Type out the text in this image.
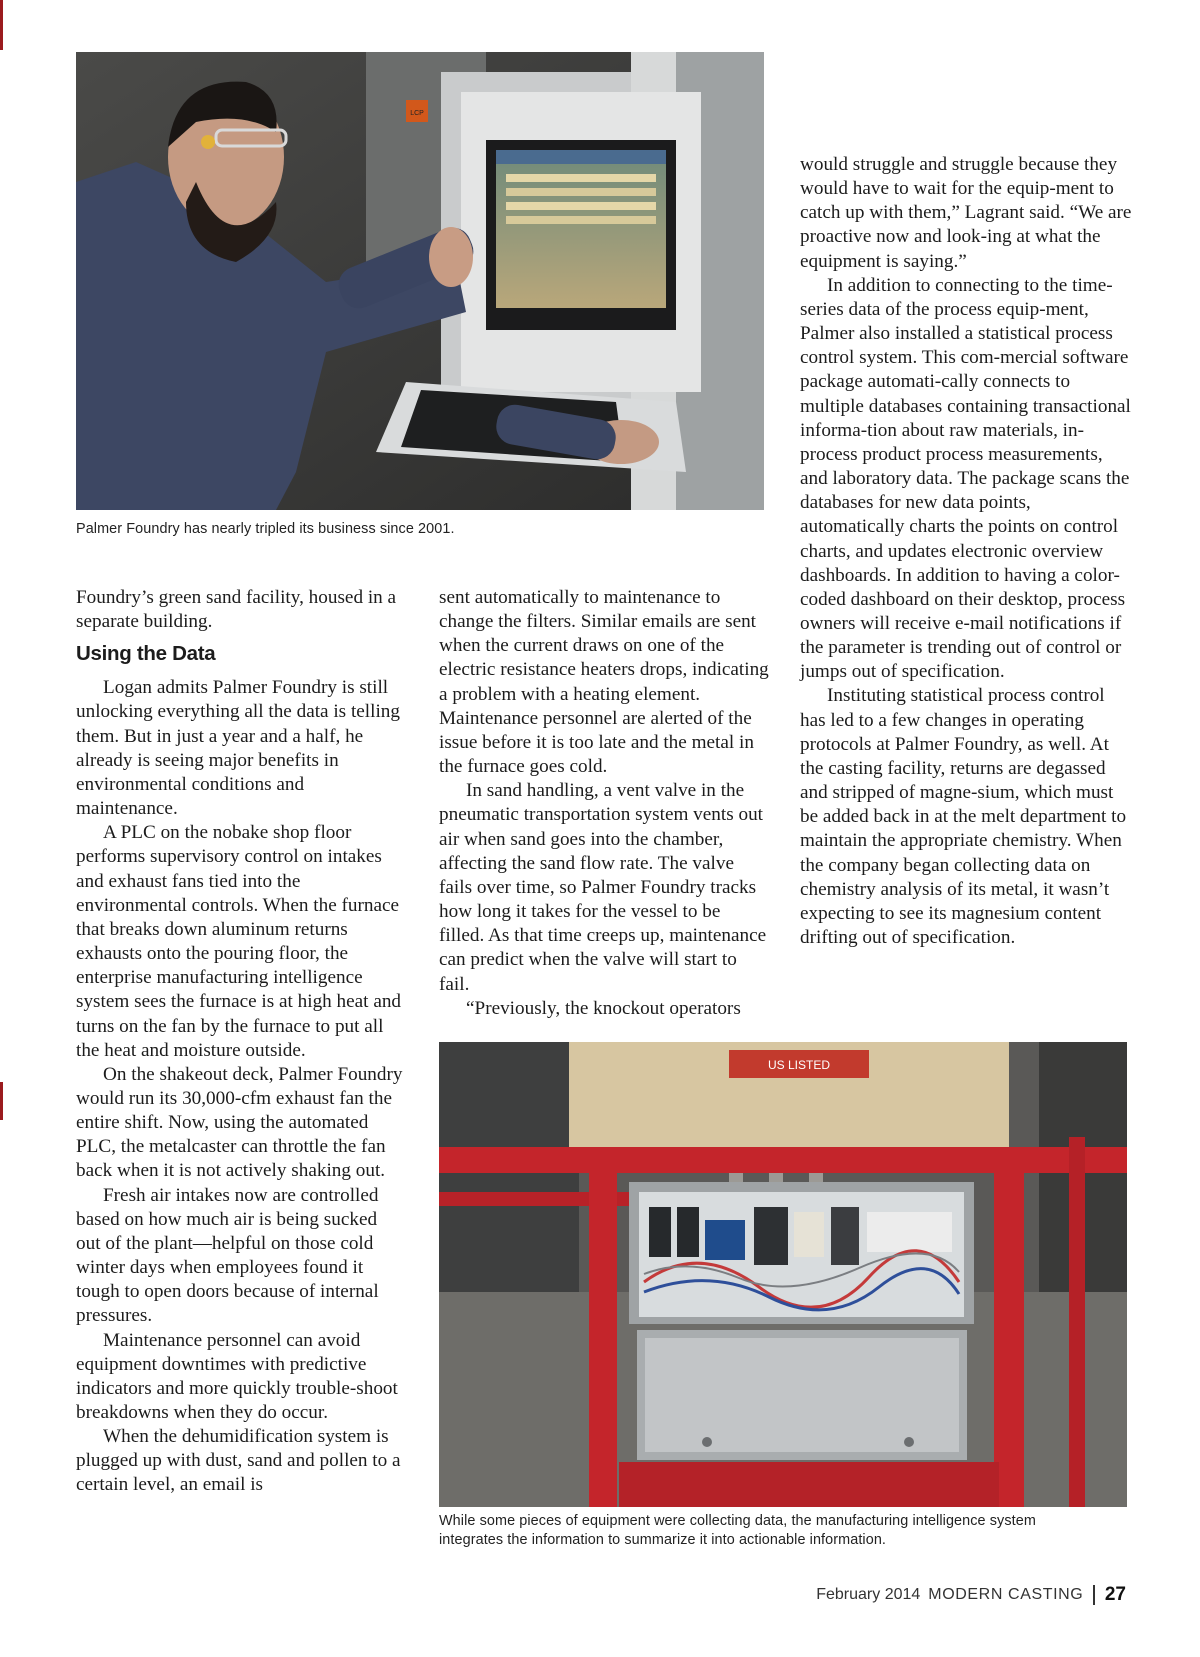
LCP
Palmer Foundry has nearly tripled its business since 2001.

Foundry’s green sand facility, housed in a separate building.

Using the Data

Logan admits Palmer Foundry is still unlocking everything all the data is telling them. But in just a year and a half, he already is seeing major benefits in environmental conditions and maintenance.

A PLC on the nobake shop floor performs supervisory control on intakes and exhaust fans tied into the environmental controls. When the furnace that breaks down aluminum returns exhausts onto the pouring floor, the enterprise manufacturing intelligence system sees the furnace is at high heat and turns on the fan by the furnace to put all the heat and moisture outside.

On the shakeout deck, Palmer Foundry would run its 30,000-cfm exhaust fan the entire shift. Now, using the automated PLC, the metalcaster can throttle the fan back when it is not actively shaking out.

Fresh air intakes now are controlled based on how much air is being sucked out of the plant—helpful on those cold winter days when employees found it tough to open doors because of internal pressures.

Maintenance personnel can avoid equipment downtimes with predictive indicators and more quickly trouble-shoot breakdowns when they do occur.

When the dehumidification system is plugged up with dust, sand and pollen to a certain level, an email is

sent automatically to maintenance to change the filters. Similar emails are sent when the current draws on one of the electric resistance heaters drops, indicating a problem with a heating element. Maintenance personnel are alerted of the issue before it is too late and the metal in the furnace goes cold.

In sand handling, a vent valve in the pneumatic transportation system vents out air when sand goes into the chamber, affecting the sand flow rate. The valve fails over time, so Palmer Foundry tracks how long it takes for the vessel to be filled. As that time creeps up, maintenance can predict when the valve will start to fail.

“Previously, the knockout operators

would struggle and struggle because they would have to wait for the equip-ment to catch up with them,” Lagrant said. “We are proactive now and look-ing at what the equipment is saying.”

In addition to connecting to the time-series data of the process equip-ment, Palmer also installed a statistical process control system. This com-mercial software package automati-cally connects to multiple databases containing transactional informa-tion about raw materials, in-process product process measurements, and laboratory data. The package scans the databases for new data points, automatically charts the points on control charts, and updates electronic overview dashboards. In addition to having a color-coded dashboard on their desktop, process owners will receive e-mail notifications if the parameter is trending out of control or jumps out of specification.

Instituting statistical process control has led to a few changes in operating protocols at Palmer Foundry, as well. At the casting facility, returns are degassed and stripped of magne-sium, which must be added back in at the melt department to maintain the appropriate chemistry. When the company began collecting data on chemistry analysis of its metal, it wasn’t expecting to see its magnesium content drifting out of specification.

US LISTED
While some pieces of equipment were collecting data, the manufacturing intelligence system
integrates the information to summarize it into actionable information.
February 2014 MODERN CASTING 27
